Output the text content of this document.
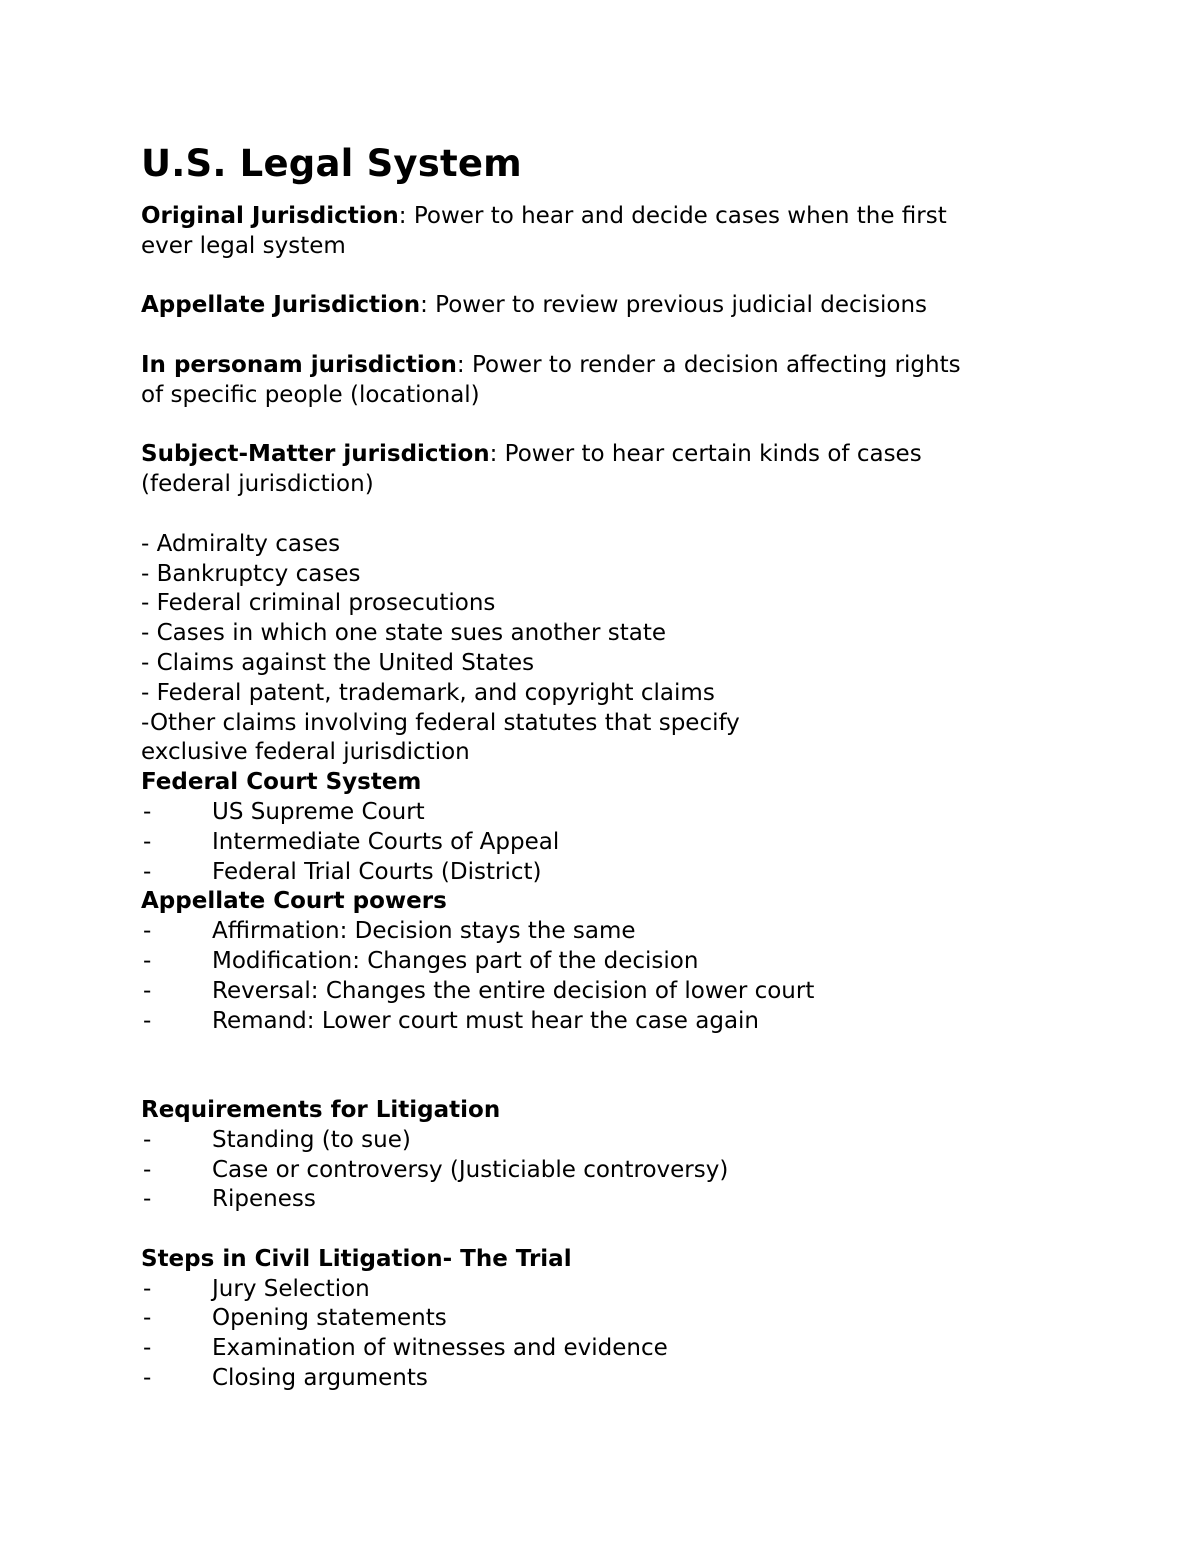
U.S. Legal System

Original Jurisdiction: Power to hear and decide cases when the first

ever legal system

Appellate Jurisdiction: Power to review previous judicial decisions

In personam jurisdiction: Power to render a decision affecting rights

of specific people (locational)

Subject-Matter jurisdiction: Power to hear certain kinds of cases

(federal jurisdiction)

- Admiralty cases

- Bankruptcy cases

- Federal criminal prosecutions

- Cases in which one state sues another state

- Claims against the United States

- Federal patent, trademark, and copyright claims

-Other claims involving federal statutes that specify

exclusive federal jurisdiction

Federal Court System

-	US Supreme Court
-	Intermediate Courts of Appeal
-	Federal Trial Courts (District)

Appellate Court powers

-	Affirmation: Decision stays the same
-	Modification: Changes part of the decision
-	Reversal: Changes the entire decision of lower court
-	Remand: Lower court must hear the case again

Requirements for Litigation

-	Standing (to sue)
-	Case or controversy (Justiciable controversy)
-	Ripeness

Steps in Civil Litigation- The Trial

-	Jury Selection
-	Opening statements
-	Examination of witnesses and evidence
-	Closing arguments
